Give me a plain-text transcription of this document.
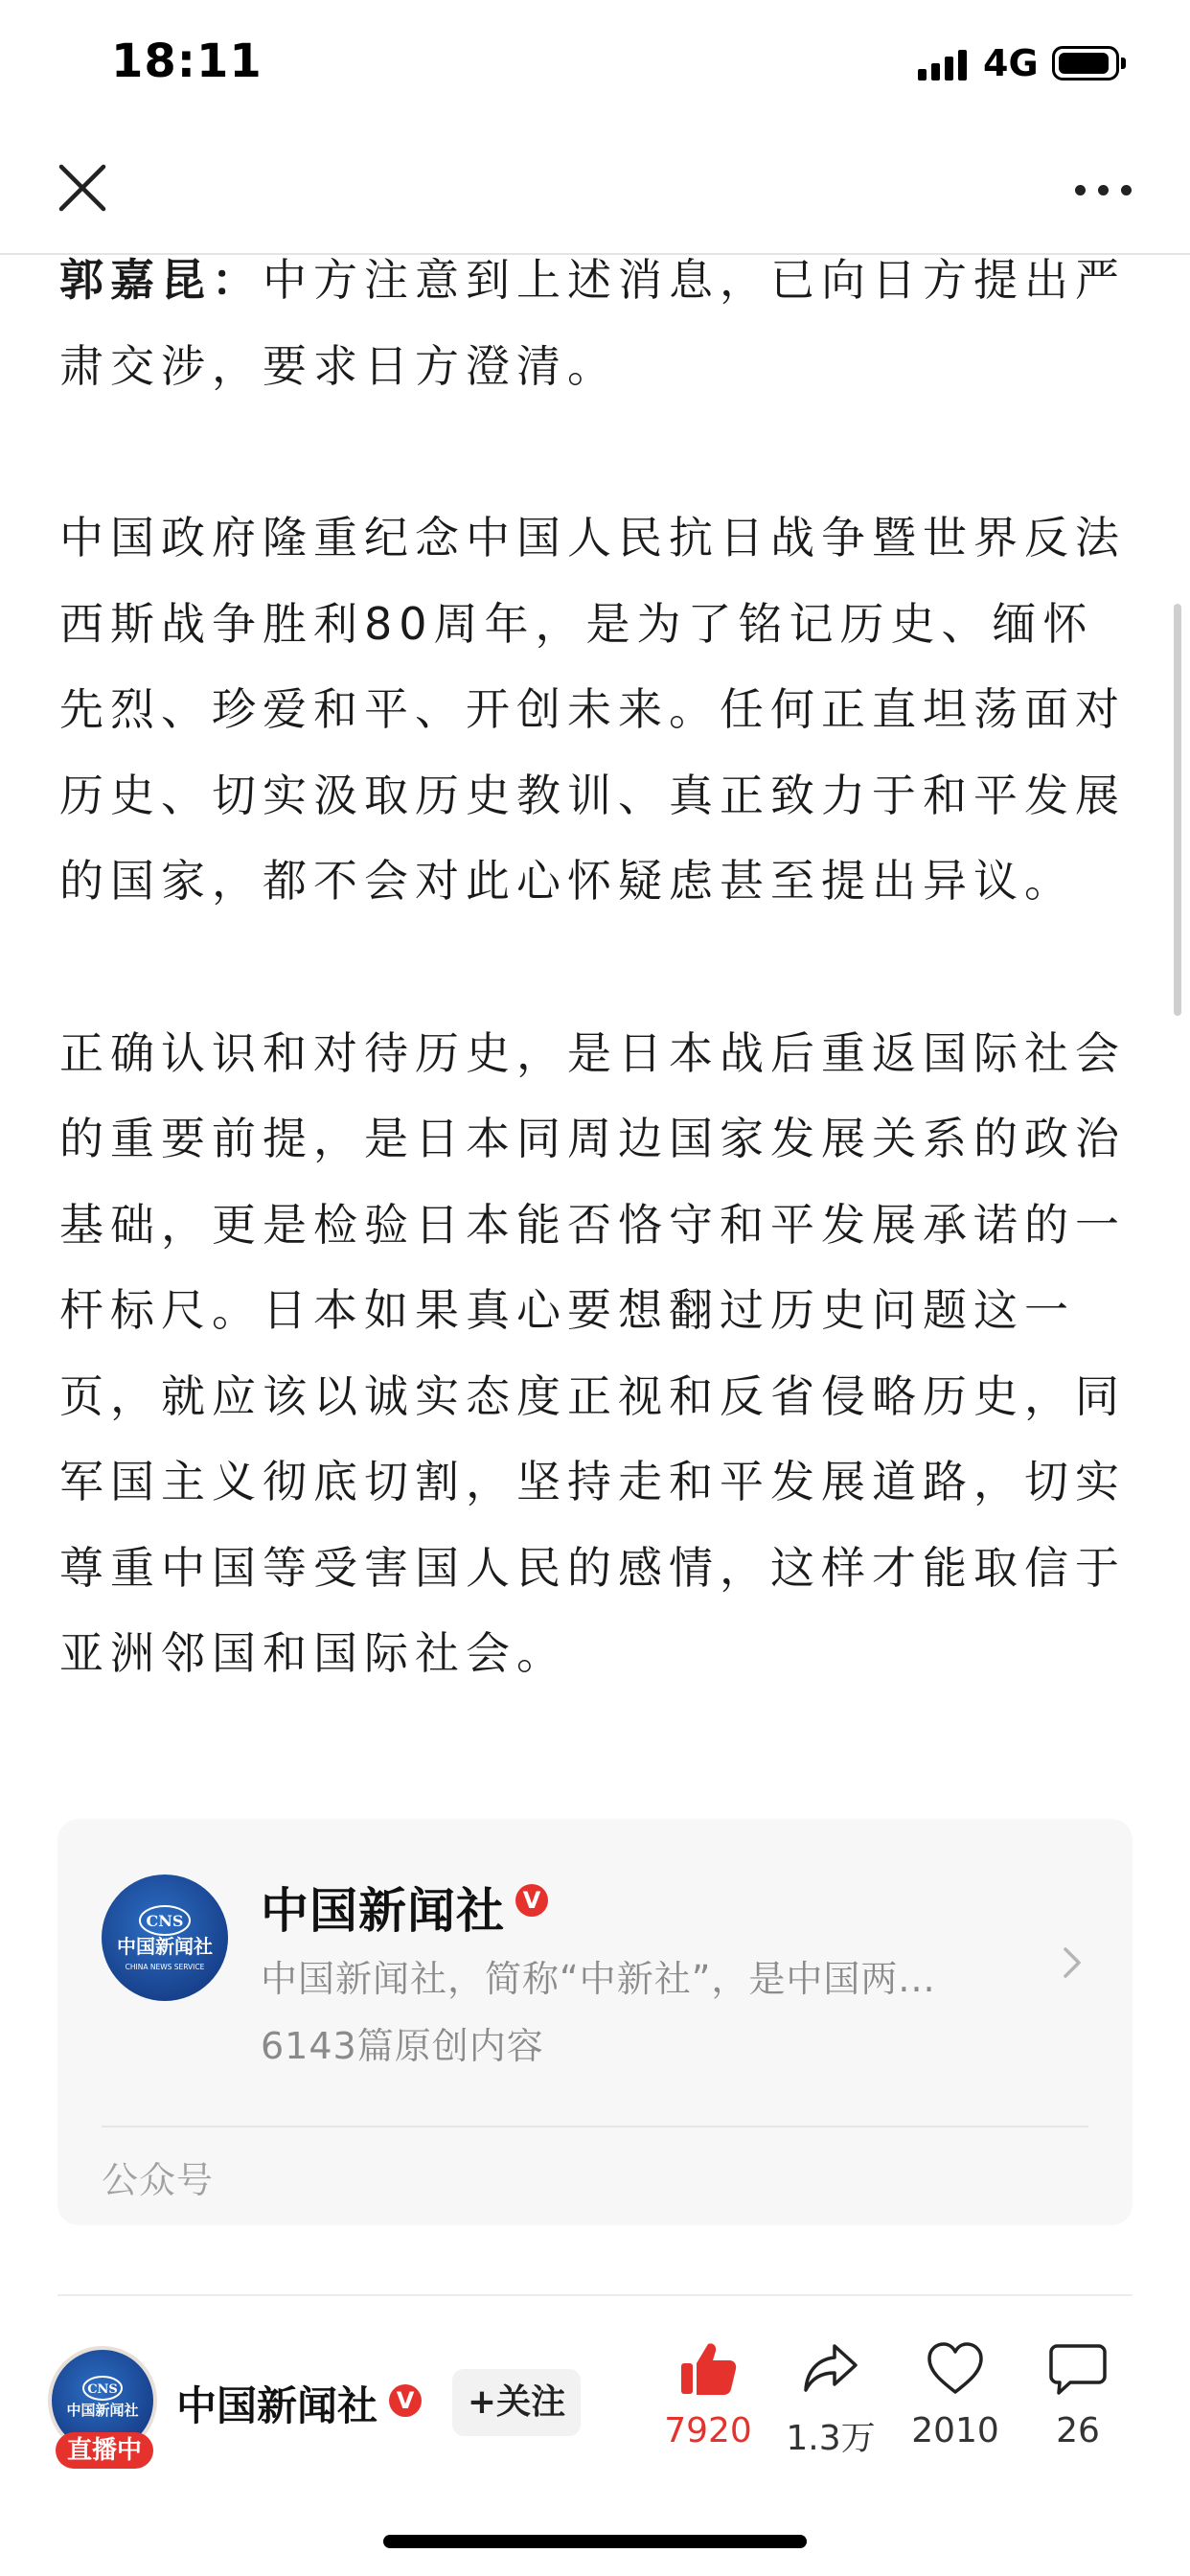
18:11	4G

郭嘉昆：中方注意到上述消息，已向日方提出严肃交涉，要求日方澄清。

中国政府隆重纪念中国人民抗日战争暨世界反法西斯战争胜利80周年，是为了铭记历史、缅怀先烈、珍爱和平、开创未来。任何正直坦荡面对历史、切实汲取历史教训、真正致力于和平发展的国家，都不会对此心怀疑虑甚至提出异议。

正确认识和对待历史，是日本战后重返国际社会的重要前提，是日本同周边国家发展关系的政治基础，更是检验日本能否恪守和平发展承诺的一杆标尺。日本如果真心要想翻过历史问题这一页，就应该以诚实态度正视和反省侵略历史，同军国主义彻底切割，坚持走和平发展道路，切实尊重中国等受害国人民的感情，这样才能取信于亚洲邻国和国际社会。

CNS
中国新闻社
CHINA NEWS SERVICE
中国新闻社 V
中国新闻社，简称“中新社”，是中国两...
6143篇原创内容
公众号
CNS
中国新闻社
直播中
中国新闻社 V	+关注
7920 1.3万	2010	26
